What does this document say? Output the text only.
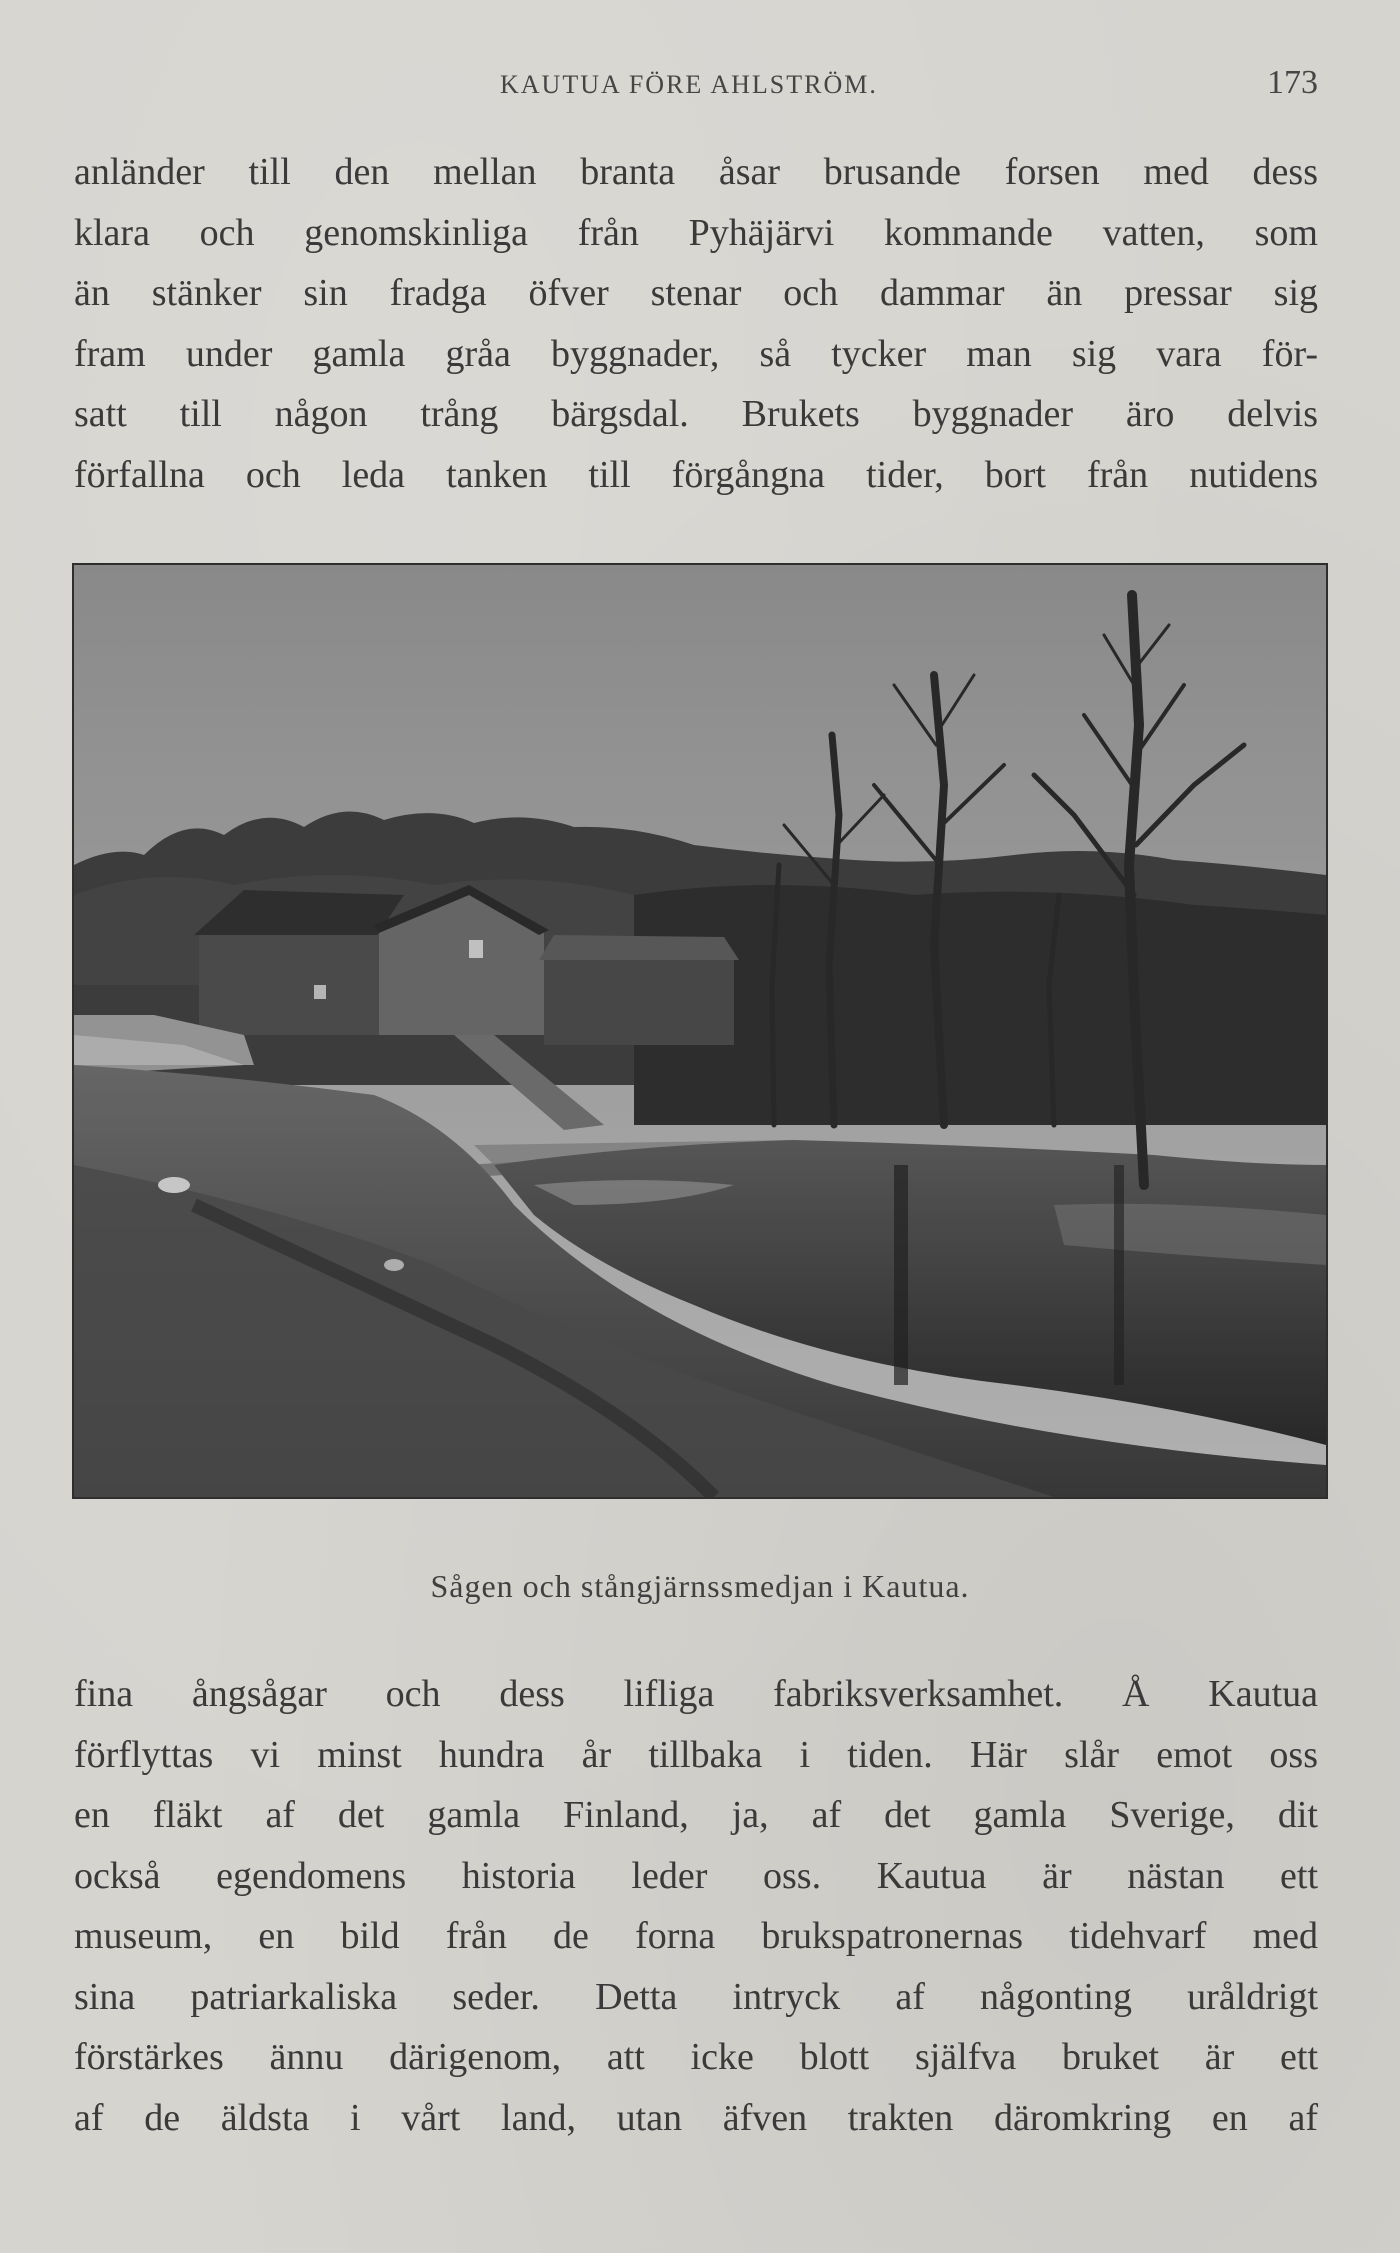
KAUTUA FÖRE AHLSTRÖM.	173
anländer till den mellan branta åsar brusande forsen med dess
klara och genomskinliga från Pyhäjärvi kommande vatten, som
än stänker sin fradga öfver stenar och dammar än pressar sig
fram under gamla gråa byggnader, så tycker man sig vara för-
satt till någon trång bärgsdal. Brukets byggnader äro delvis
förfallna och leda tanken till förgångna tider, bort från nutidens
Sågen och stångjärnssmedjan i Kautua.
fina ångsågar och dess lifliga fabriksverksamhet. Å Kautua
förflyttas vi minst hundra år tillbaka i tiden. Här slår emot oss
en fläkt af det gamla Finland, ja, af det gamla Sverige, dit
också egendomens historia leder oss. Kautua är nästan ett
museum, en bild från de forna brukspatronernas tidehvarf med
sina patriarkaliska seder. Detta intryck af någonting uråldrigt
förstärkes ännu därigenom, att icke blott själfva bruket är ett
af de äldsta i vårt land, utan äfven trakten däromkring en af
